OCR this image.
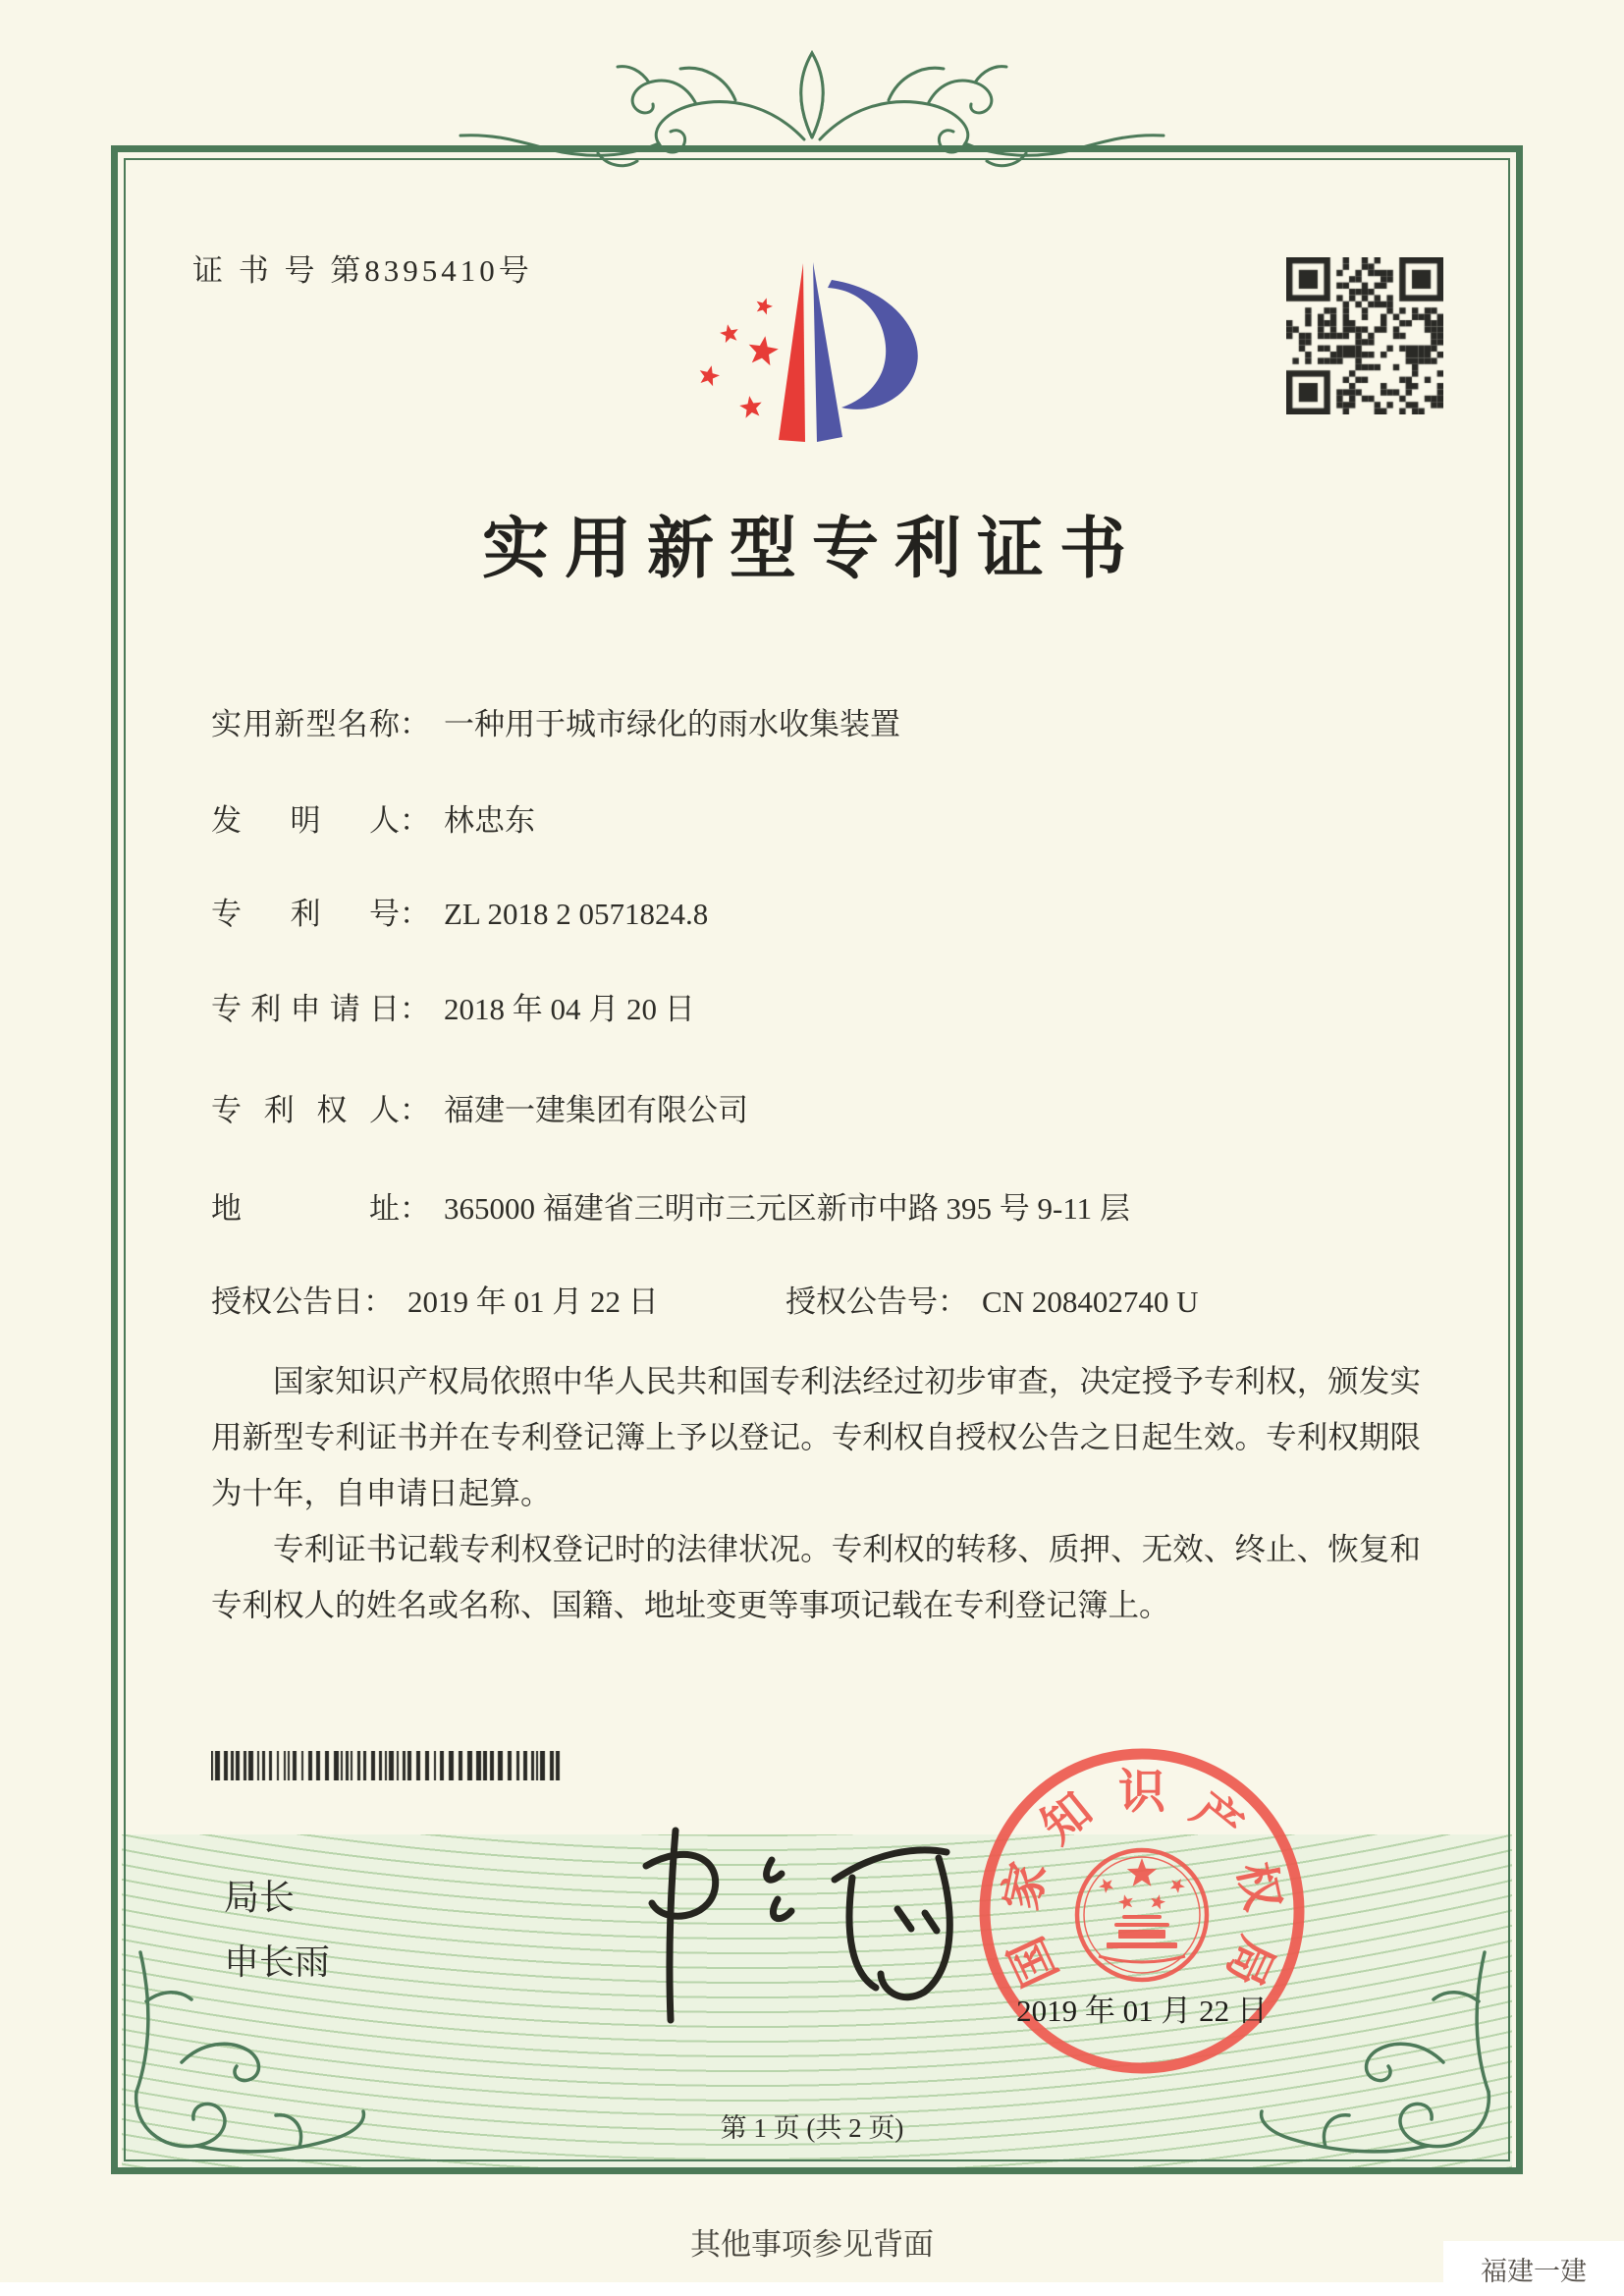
证 书 号 第8395410号
实用新型专利证书
实用新型名称： 一种用于城市绿化的雨水收集装置
发明人： 林忠东
专利号： ZL 2018 2 0571824.8
专利申请日： 2018 年 04 月 20 日
专利权人： 福建一建集团有限公司
地址： 365000 福建省三明市三元区新市中路 395 号 9-11 层
授权公告日： 2019 年 01 月 22 日	授权公告号： CN 208402740 U

国家知识产权局依照中华人民共和国专利法经过初步审查，决定授予专利权，颁发实用新型专利证书并在专利登记簿上予以登记。专利权自授权公告之日起生效。专利权期限为十年，自申请日起算。

专利证书记载专利权登记时的法律状况。专利权的转移、质押、无效、终止、恢复和专利权人的姓名或名称、国籍、地址变更等事项记载在专利登记簿上。

局长
申长雨	国
家
知 识 产
权
局
2019 年 01 月 22 日
第 1 页 (共 2 页)
其他事项参见背面
福建一建
